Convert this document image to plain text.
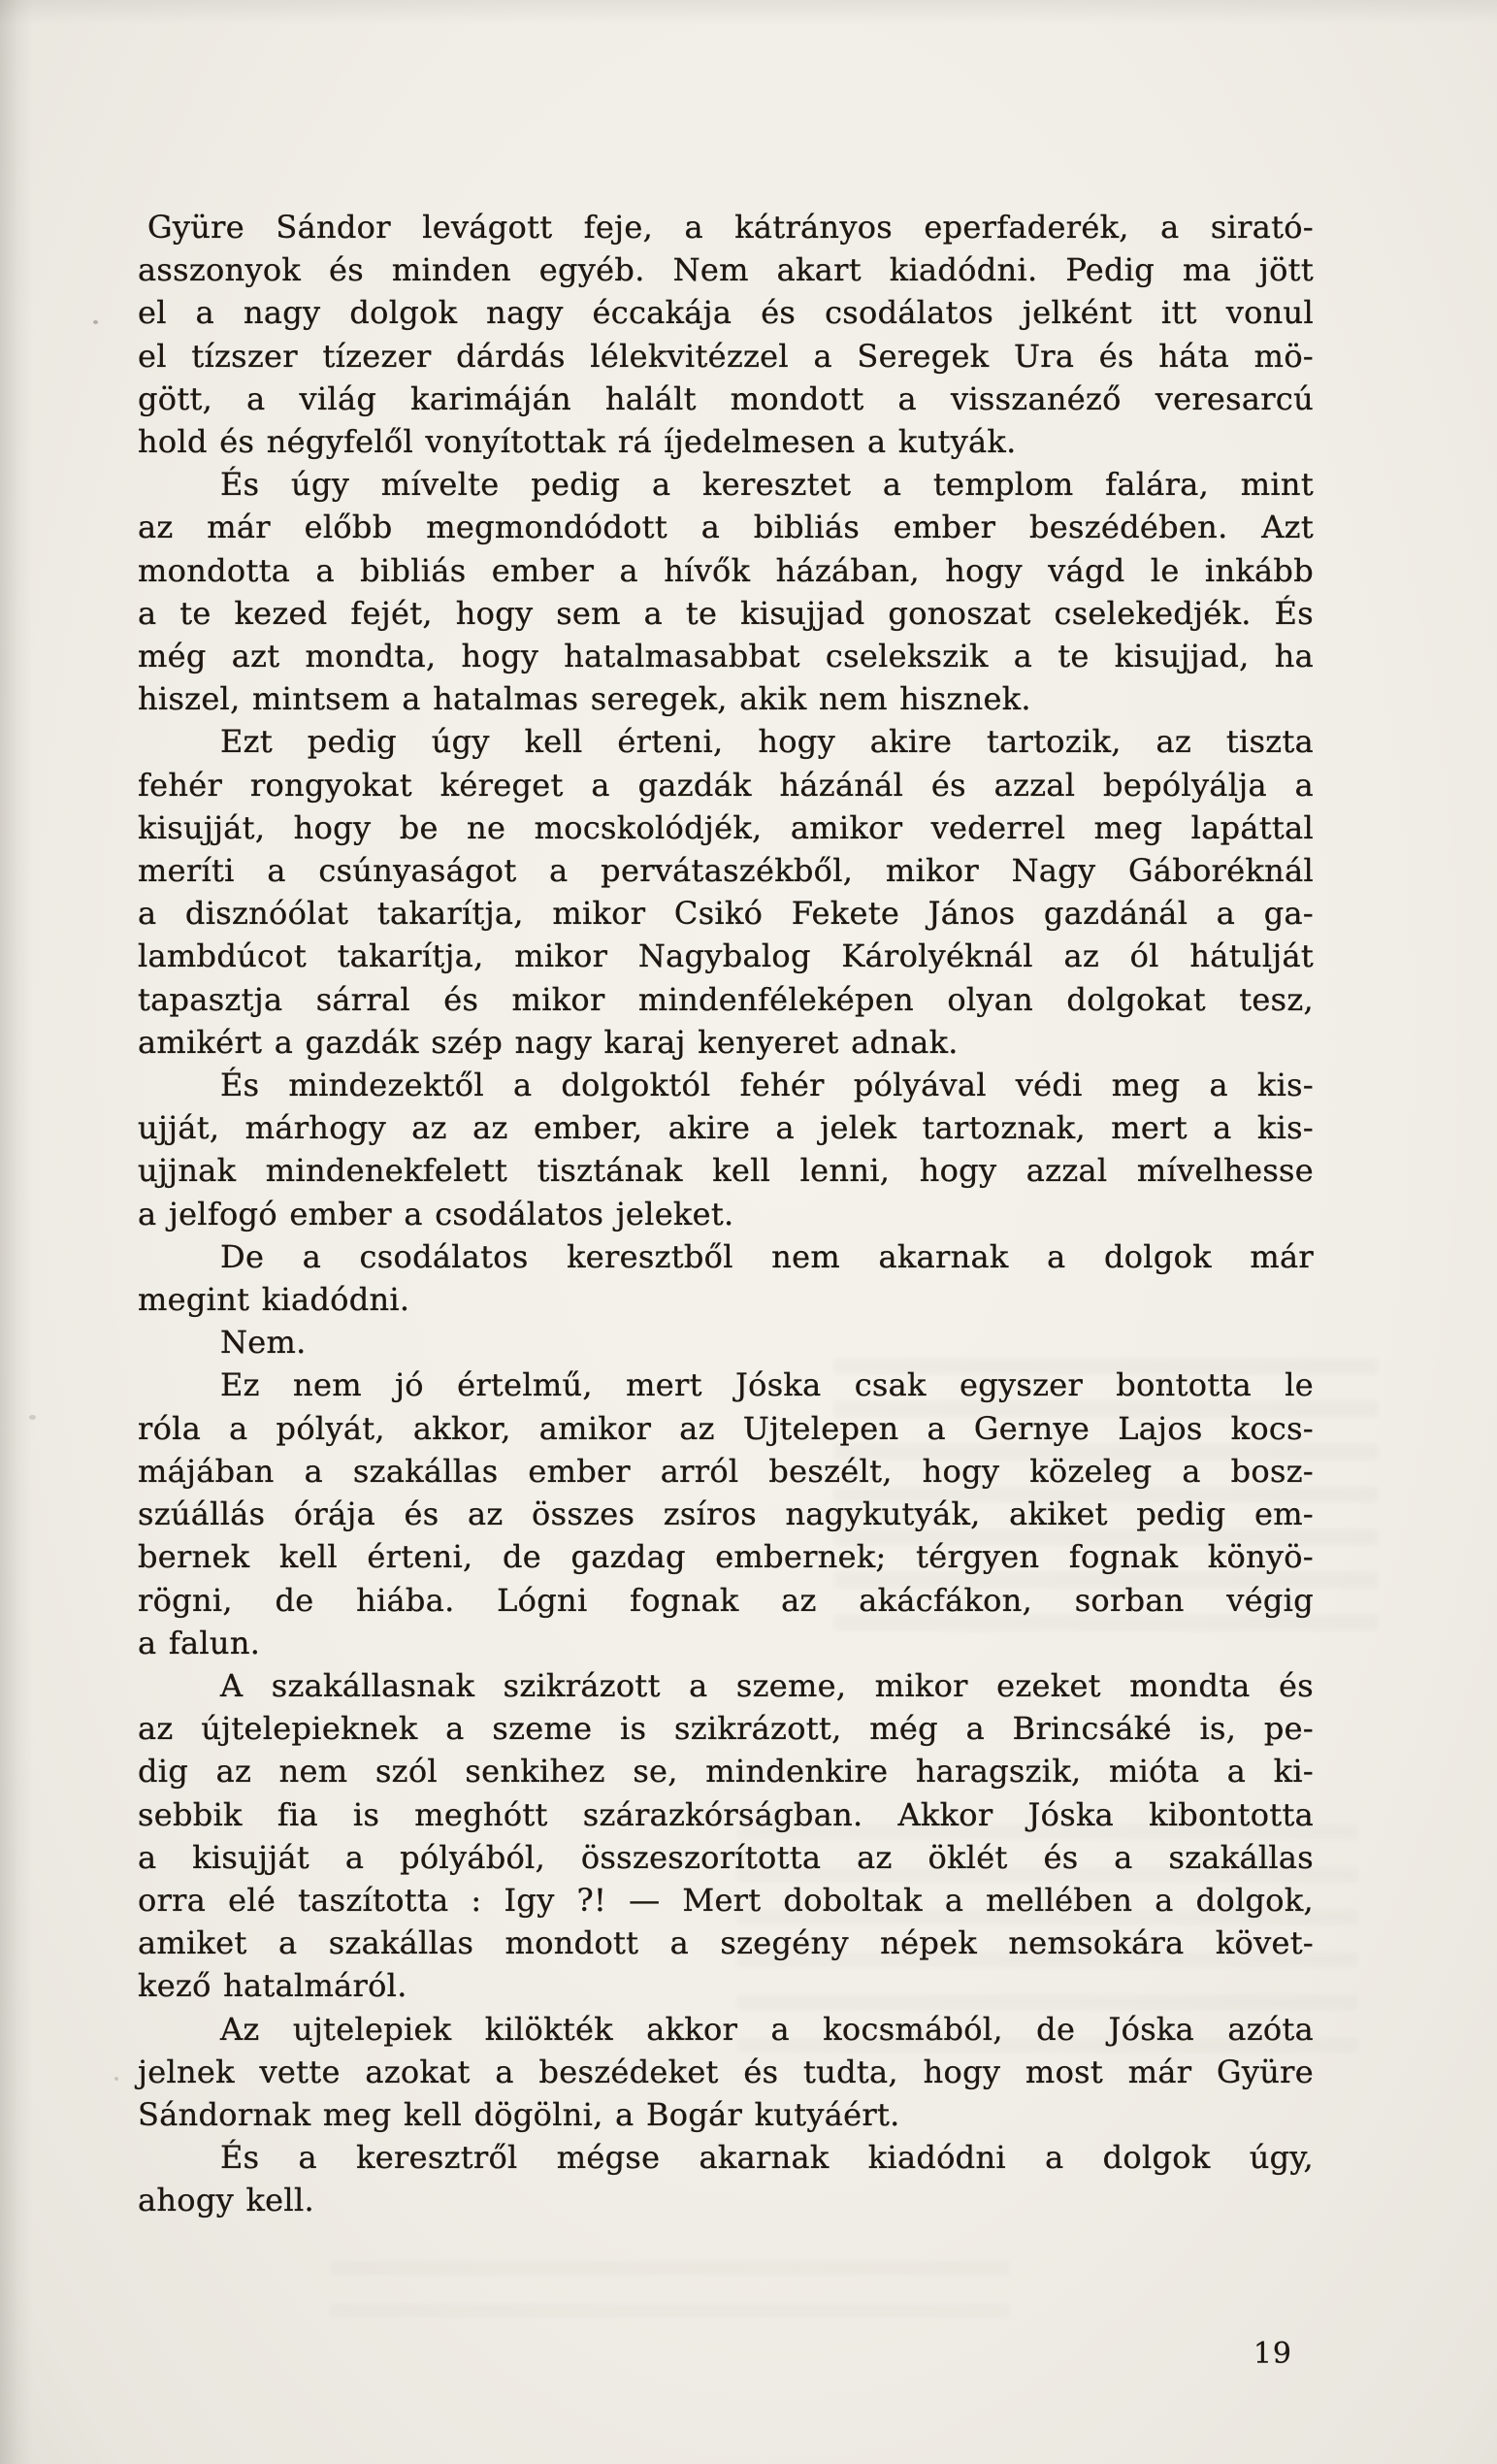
Gyüre Sándor levágott feje, a kátrányos eperfaderék, a sirató-
asszonyok és minden egyéb. Nem akart kiadódni. Pedig ma jött
el a nagy dolgok nagy éccakája és csodálatos jelként itt vonul
el tízszer tízezer dárdás lélekvitézzel a Seregek Ura és háta mö-
gött, a világ karimáján halált mondott a visszanéző veresarcú
hold és négyfelől vonyítottak rá íjedelmesen a kutyák.
És úgy mívelte pedig a keresztet a templom falára, mint
az már előbb megmondódott a bibliás ember beszédében. Azt
mondotta a bibliás ember a hívők házában, hogy vágd le inkább
a te kezed fejét, hogy sem a te kisujjad gonoszat cselekedjék. És
még azt mondta, hogy hatalmasabbat cselekszik a te kisujjad, ha
hiszel, mintsem a hatalmas seregek, akik nem hisznek.
Ezt pedig úgy kell érteni, hogy akire tartozik, az tiszta
fehér rongyokat kéreget a gazdák házánál és azzal bepólyálja a
kisujját, hogy be ne mocskolódjék, amikor vederrel meg lapáttal
meríti a csúnyaságot a pervátaszékből, mikor Nagy Gáboréknál
a disznóólat takarítja, mikor Csikó Fekete János gazdánál a ga-
lambdúcot takarítja, mikor Nagybalog Károlyéknál az ól hátulját
tapasztja sárral és mikor mindenféleképen olyan dolgokat tesz,
amikért a gazdák szép nagy karaj kenyeret adnak.
És mindezektől a dolgoktól fehér pólyával védi meg a kis-
ujját, márhogy az az ember, akire a jelek tartoznak, mert a kis-
ujjnak mindenekfelett tisztának kell lenni, hogy azzal mívelhesse
a jelfogó ember a csodálatos jeleket.
De a csodálatos keresztből nem akarnak a dolgok már
megint kiadódni.
Nem.
Ez nem jó értelmű, mert Jóska csak egyszer bontotta le
róla a pólyát, akkor, amikor az Ujtelepen a Gernye Lajos kocs-
májában a szakállas ember arról beszélt, hogy közeleg a bosz-
szúállás órája és az összes zsíros nagykutyák, akiket pedig em-
bernek kell érteni, de gazdag embernek; térgyen fognak könyö-
rögni, de hiába. Lógni fognak az akácfákon, sorban végig
a falun.
A szakállasnak szikrázott a szeme, mikor ezeket mondta és
az újtelepieknek a szeme is szikrázott, még a Brincsáké is, pe-
dig az nem szól senkihez se, mindenkire haragszik, mióta a ki-
sebbik fia is meghótt szárazkórságban. Akkor Jóska kibontotta
a kisujját a pólyából, összeszorította az öklét és a szakállas
orra elé taszította : Igy ?! — Mert doboltak a mellében a dolgok,
amiket a szakállas mondott a szegény népek nemsokára követ-
kező hatalmáról.
Az ujtelepiek kilökték akkor a kocsmából, de Jóska azóta
jelnek vette azokat a beszédeket és tudta, hogy most már Gyüre
Sándornak meg kell dögölni, a Bogár kutyáért.
És a keresztről mégse akarnak kiadódni a dolgok úgy,
ahogy kell.
19
